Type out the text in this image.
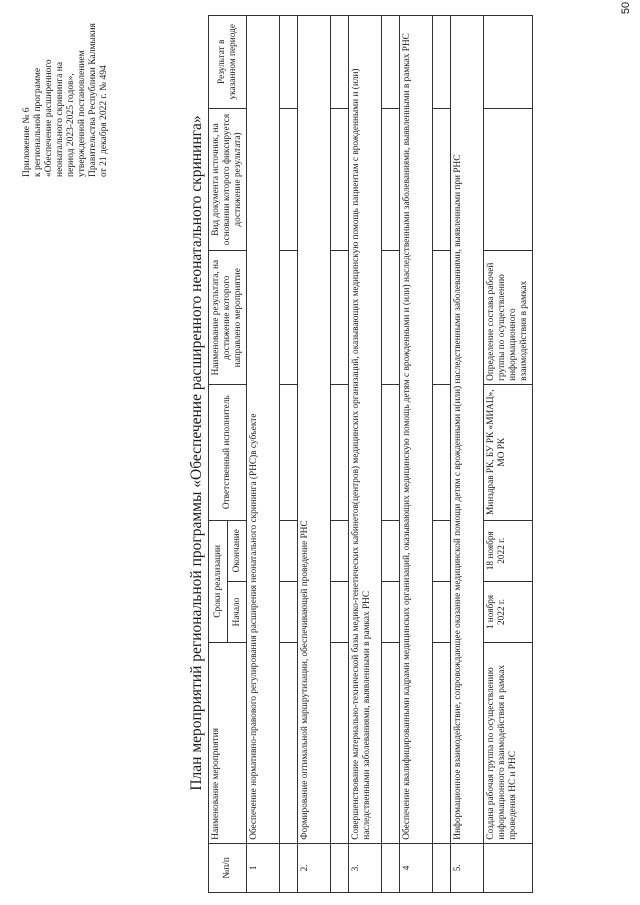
Приложение № 6 к региональной программе «Обеспечение расширенного неонатального скрининга на период 2023-2025 годов», утвержденной постановлением Правительства Республики Калмыкия от 21 декабря 2022 г. № 494	План мероприятий региональной программы «Обеспечение расширенного неонатального скрининга»
№п/п	Наименование мероприятия	Сроки реализации		Ответственный исполнитель	Наименование результата, на достижение которого направлено мероприятие	Вид документа источник, на основании которого фиксируется достижение результата)	Результат в указанном периоде
		Начало	Окончание				
1	Обеспечение нормативно-правового регулирования расширения неонатального скрининга (РНС)в субъекте						

2.	Формирование оптимальной маршрутизации, обеспечивающей проведение РНС						

3.	Совершенствование материально-технической базы медико-генетических кабинетов(центров) медицинских организаций, оказывающих медицинскую помощь пациентам с врожденными и (или) наследственными заболеваниями, выявленными в рамках РНС						

4	Обеспечение квалифицированными кадрами медицинских организаций, оказывающих медицинскую помощь детям с врожденными и (или) наследственными заболеваниями, выявленными в рамках РНС						

5.	Информационное взаимодействие, сопровождающее оказание медицинской помощи детям с врожденными и(или) наследственными заболеваниями, выявленными при РНС						
	Создана рабочая группа по осуществлению информационного взаимодействия в рамках проведения НС и РНС	1 ноября 2022 г.	18 ноября 2022 г.	Минздрав РК, БУ РК «МИАЦ», МО РК	Определение состава рабочей группы по осуществлению информационного взаимодействия в рамках		
50
